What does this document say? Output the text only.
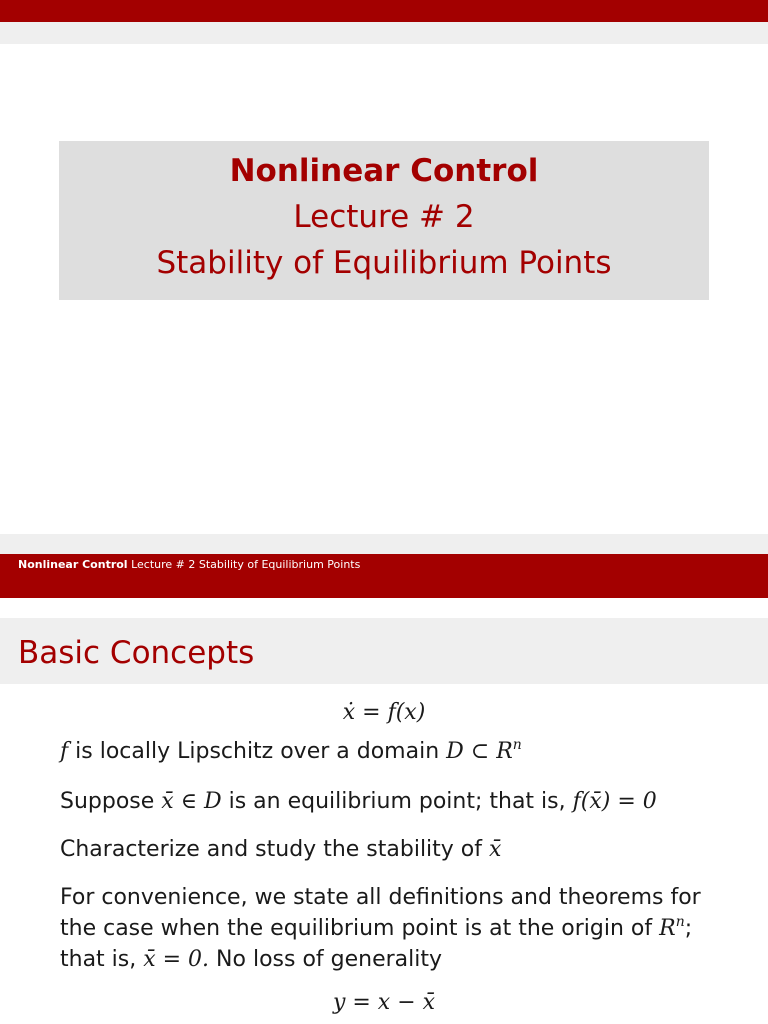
Nonlinear Control
Lecture # 2
Stability of Equilibrium Points
Nonlinear Control Lecture # 2 Stability of Equilibrium Points
Basic Concepts
ẋ = f(x)
f is locally Lipschitz over a domain D ⊂ $R^n$
Suppose x̄ ∈ D is an equilibrium point; that is, f(x̄) = 0
Characterize and study the stability of x̄
For convenience, we state all definitions and theorems for the case when the equilibrium point is at the origin of $R^n$; that is, x̄ = 0. No loss of generality
y = x − x̄
